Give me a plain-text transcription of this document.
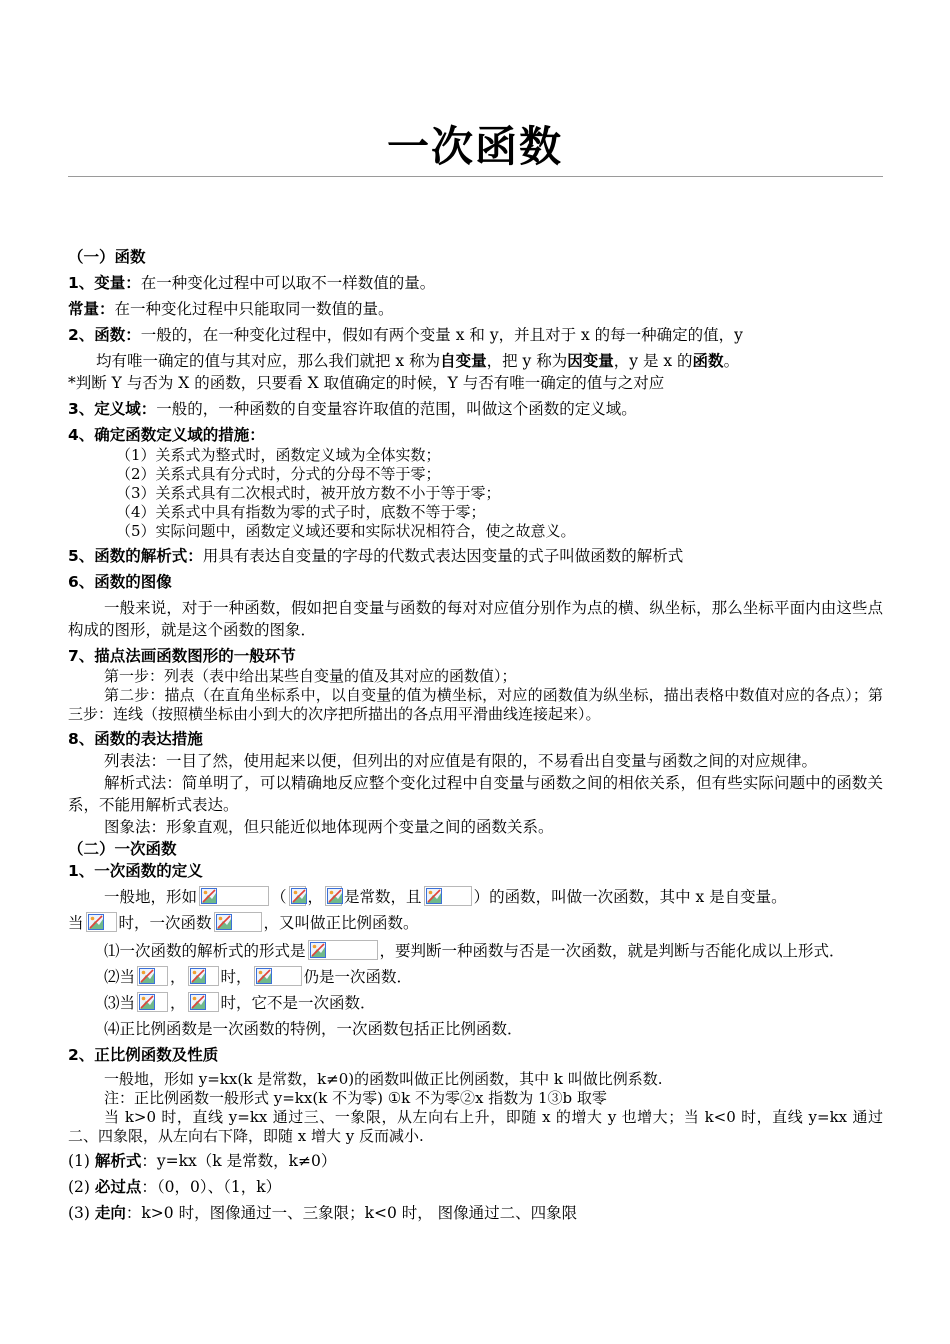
一次函数
（一）函数
1、变量：在一种变化过程中可以取不一样数值的量。
常量：在一种变化过程中只能取同一数值的量。
2、函数：一般的，在一种变化过程中，假如有两个变量 x 和 y，并且对于 x 的每一种确定的值，y
均有唯一确定的值与其对应，那么我们就把 x 称为自变量，把 y 称为因变量，y 是 x 的函数。
*判断 Y 与否为 X 的函数，只要看 X 取值确定的时候，Y 与否有唯一确定的值与之对应
3、定义域：一般的，一种函数的自变量容许取值的范围，叫做这个函数的定义域。
4、确定函数定义域的措施：
（1）关系式为整式时，函数定义域为全体实数；
（2）关系式具有分式时，分式的分母不等于零；
（3）关系式具有二次根式时，被开放方数不小于等于零；
（4）关系式中具有指数为零的式子时，底数不等于零；
（5）实际问题中，函数定义域还要和实际状况相符合，使之故意义。
5、函数的解析式：用具有表达自变量的字母的代数式表达因变量的式子叫做函数的解析式
6、函数的图像
一般来说，对于一种函数，假如把自变量与函数的每对对应值分别作为点的横、纵坐标，那么坐标平面内由这些点构成的图形，就是这个函数的图象．
7、描点法画函数图形的一般环节
第一步：列表（表中给出某些自变量的值及其对应的函数值）；
第二步：描点（在直角坐标系中，以自变量的值为横坐标，对应的函数值为纵坐标，描出表格中数值对应的各点）；第三步：连线（按照横坐标由小到大的次序把所描出的各点用平滑曲线连接起来）。
8、函数的表达措施
列表法：一目了然，使用起来以便，但列出的对应值是有限的，不易看出自变量与函数之间的对应规律。
解析式法：简单明了，可以精确地反应整个变化过程中自变量与函数之间的相依关系，但有些实际问题中的函数关系，不能用解析式表达。
图象法：形象直观，但只能近似地体现两个变量之间的函数关系。
（二）一次函数
1、一次函数的定义
一般地，形如	（ ， 是常数，且	）的函数，叫做一次函数，其中 x 是自变量。
当 时，一次函数	，又叫做正比例函数。
⑴一次函数的解析式的形式是	，要判断一种函数与否是一次函数，就是判断与否能化成以上形式．
⑵当 ， 时，	仍是一次函数．
⑶当 ， 时，它不是一次函数．
⑷正比例函数是一次函数的特例，一次函数包括正比例函数．
2、正比例函数及性质
一般地，形如 y=kx(k 是常数，k≠0)的函数叫做正比例函数，其中 k 叫做比例系数.
注：正比例函数一般形式 y=kx(k 不为零) ①k 不为零②x 指数为 1③b 取零
当 k>0 时，直线 y=kx 通过三、一象限，从左向右上升，即随 x 的增大 y 也增大；当 k<0 时，直线 y=kx 通过二、四象限，从左向右下降，即随 x 增大 y 反而减小.
(1) 解析式：y=kx（k 是常数，k≠0）
(2) 必过点：（0，0）、（1，k）
(3) 走向：k>0 时，图像通过一、三象限；k<0 时， 图像通过二、四象限
